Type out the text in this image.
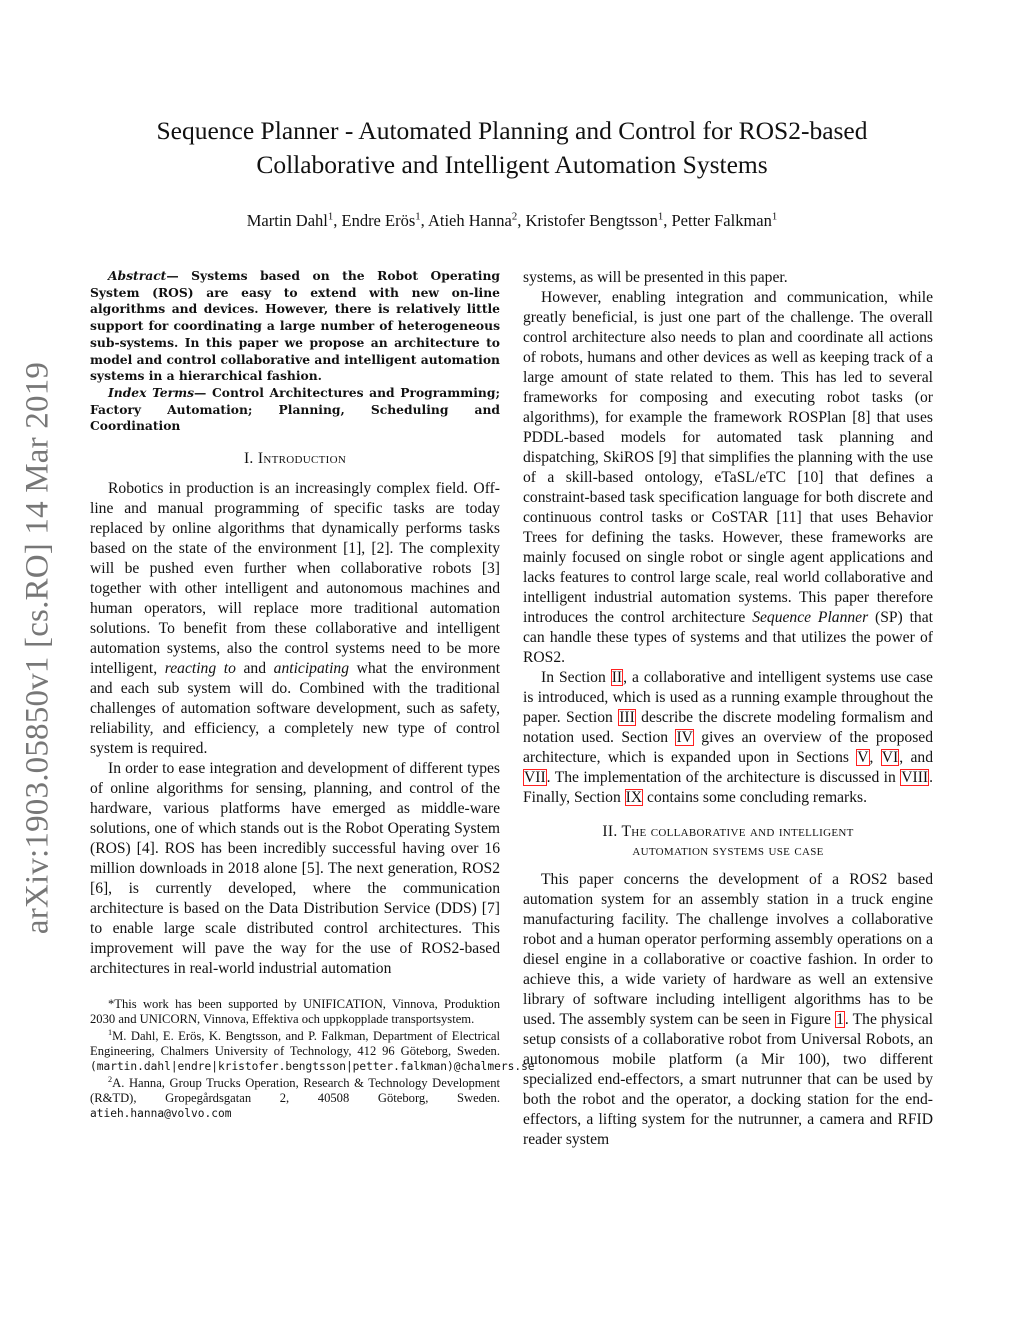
arXiv:1903.05850v1 [cs.RO] 14 Mar 2019
Sequence Planner - Automated Planning and Control for ROS2-based Collaborative and Intelligent Automation Systems
Martin Dahl$^1$, Endre Erös$^1$, Atieh Hanna$^2$, Kristofer Bengtsson$^1$, Petter Falkman$^1$

Abstract— Systems based on the Robot Operating System (ROS) are easy to extend with new on-line algorithms and devices. However, there is relatively little support for coordinating a large number of heterogeneous sub-systems. In this paper we propose an architecture to model and control collaborative and intelligent automation systems in a hierarchical fashion.

Index Terms— Control Architectures and Programming; Factory Automation; Planning, Scheduling and Coordination

I. Introduction

Robotics in production is an increasingly complex field. Off-line and manual programming of specific tasks are today replaced by online algorithms that dynamically performs tasks based on the state of the environment [1], [2]. The complexity will be pushed even further when collaborative robots [3] together with other intelligent and autonomous machines and human operators, will replace more traditional automation solutions. To benefit from these collaborative and intelligent automation systems, also the control systems need to be more intelligent, reacting to and anticipating what the environment and each sub system will do. Combined with the traditional challenges of automation software development, such as safety, reliability, and efficiency, a completely new type of control system is required.

In order to ease integration and development of different types of online algorithms for sensing, planning, and control of the hardware, various platforms have emerged as middle-ware solutions, one of which stands out is the Robot Operating System (ROS) [4]. ROS has been incredibly successful having over 16 million downloads in 2018 alone [5]. The next generation, ROS2 [6], is currently developed, where the communication architecture is based on the Data Distribution Service (DDS) [7] to enable large scale distributed control architectures. This improvement will pave the way for the use of ROS2-based architectures in real-world industrial automation

*This work has been supported by UNIFICATION, Vinnova, Produktion 2030 and UNICORN, Vinnova, Effektiva och uppkopplade transportsystem.

$^1$M. Dahl, E. Erös, K. Bengtsson, and P. Falkman, Department of Electrical Engineering, Chalmers University of Technology, 412 96 Göteborg, Sweden. (martin.dahl|endre|kristofer.bengtsson|petter.falkman)@chalmers.se

$^2$A. Hanna, Group Trucks Operation, Research & Technology Development (R&TD), Gropegårdsgatan 2, 40508 Göteborg, Sweden. atieh.hanna@volvo.com

systems, as will be presented in this paper.

However, enabling integration and communication, while greatly beneficial, is just one part of the challenge. The overall control architecture also needs to plan and coordinate all actions of robots, humans and other devices as well as keeping track of a large amount of state related to them. This has led to several frameworks for composing and executing robot tasks (or algorithms), for example the framework ROSPlan [8] that uses PDDL-based models for automated task planning and dispatching, SkiROS [9] that simplifies the planning with the use of a skill-based ontology, eTaSL/eTC [10] that defines a constraint-based task specification language for both discrete and continuous control tasks or CoSTAR [11] that uses Behavior Trees for defining the tasks. However, these frameworks are mainly focused on single robot or single agent applications and lacks features to control large scale, real world collaborative and intelligent industrial automation systems. This paper therefore introduces the control architecture Sequence Planner (SP) that can handle these types of systems and that utilizes the power of ROS2.

In Section II, a collaborative and intelligent systems use case is introduced, which is used as a running example throughout the paper. Section III describe the discrete modeling formalism and notation used. Section IV gives an overview of the proposed architecture, which is expanded upon in Sections V, VI, and VII. The implementation of the architecture is discussed in VIII. Finally, Section IX contains some concluding remarks.

II. The collaborative and intelligent
automation systems use case

This paper concerns the development of a ROS2 based automation system for an assembly station in a truck engine manufacturing facility. The challenge involves a collaborative robot and a human operator performing assembly operations on a diesel engine in a collaborative or coactive fashion. In order to achieve this, a wide variety of hardware as well an extensive library of software including intelligent algorithms has to be used. The assembly system can be seen in Figure 1. The physical setup consists of a collaborative robot from Universal Robots, an autonomous mobile platform (a Mir 100), two different specialized end-effectors, a smart nutrunner that can be used by both the robot and the operator, a docking station for the end-effectors, a lifting system for the nutrunner, a camera and RFID reader system
